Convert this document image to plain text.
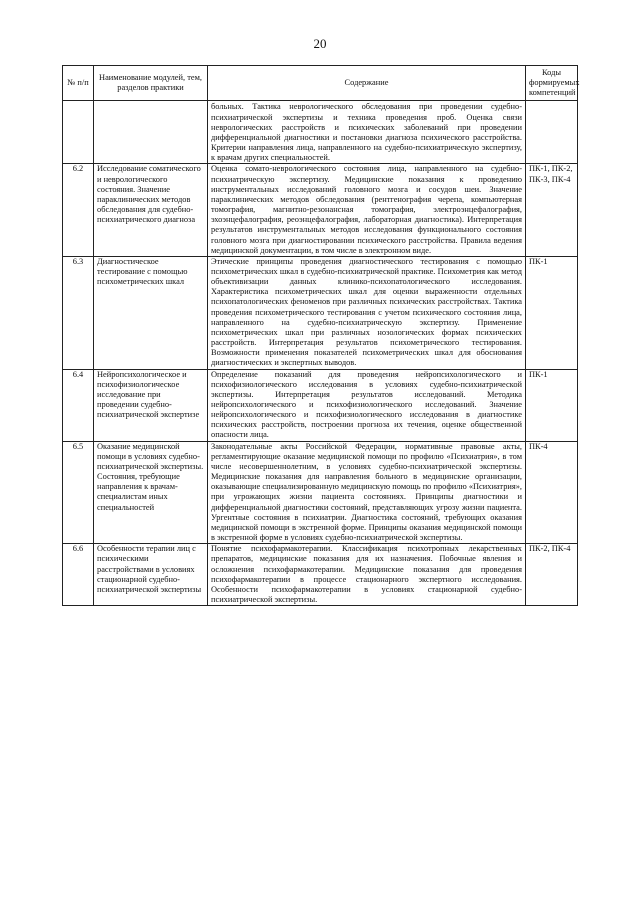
20
№ п/п	Наименование модулей, тем, разделов практики	Содержание	Коды формируемых компетенций
		больных. Тактика неврологического обследования при проведении судебно-психиатрической экспертизы и техника проведения проб. Оценка связи неврологических расстройств и психических заболеваний при проведении дифференциальной диагностики и постановки диагноза психического расстройства. Критерии направления лица, направленного на судебно-психиатрическую экспертизу, к врачам других специальностей.	
6.2	Исследование соматического и неврологического состояния. Значение параклинических методов обследования для судебно-психиатрического диагноза	Оценка сомато-неврологического состояния лица, направленного на судебно-психиатрическую экспертизу. Медицинские показания к проведению инструментальных исследований головного мозга и сосудов шеи. Значение параклинических методов обследования (рентгенография черепа, компьютерная томография, магнитно-резонансная томография, электроэнцефалография, эхоэнцефалография, реоэнцефалография, лабораторная диагностика). Интерпретация результатов инструментальных методов исследования функционального состояния головного мозга при диагностировании психического расстройства. Правила ведения медицинской документации, в том числе в электронном виде.	ПК-1, ПК-2, ПК-3, ПК-4
6.3	Диагностическое тестирование с помощью психометрических шкал	Этические принципы проведения диагностического тестирования с помощью психометрических шкал в судебно-психиатрической практике. Психометрия как метод объективизации данных клинико-психопатологического исследования. Характеристика психометрических шкал для оценки выраженности отдельных психопатологических феноменов при различных психических расстройствах. Тактика проведения психометрического тестирования с учетом психического состояния лица, направленного на судебно-психиатрическую экспертизу. Применение психометрических шкал при различных нозологических формах психических расстройств. Интерпретация результатов психометрического тестирования. Возможности применения показателей психометрических шкал для обоснования диагностических и экспертных выводов.	ПК-1
6.4	Нейропсихологическое и психофизиологическое исследование при проведении судебно-психиатрической экспертизе	Определение показаний для проведения нейропсихологического и психофизиологического исследования в условиях судебно-психиатрической экспертизы. Интерпретация результатов исследований. Методика нейропсихологического и психофизиологического исследований. Значение нейропсихологического и психофизиологического исследования в диагностике психических расстройств, построении прогноза их течения, оценке общественной опасности лица.	ПК-1
6.5	Оказание медицинской помощи в условиях судебно-психиатрической экспертизы. Состояния, требующие направления к врачам-специалистам иных специальностей	Законодательные акты Российской Федерации, нормативные правовые акты, регламентирующие оказание медицинской помощи по профилю «Психиатрия», в том числе несовершеннолетним, в условиях судебно-психиатрической экспертизы. Медицинские показания для направления больного в медицинские организации, оказывающие специализированную медицинскую помощь по профилю «Психиатрия», при угрожающих жизни пациента состояниях. Принципы диагностики и дифференциальной диагностики состояний, представляющих угрозу жизни пациента. Ургентные состояния в психиатрии. Диагностика состояний, требующих оказания медицинской помощи в экстренной форме. Принципы оказания медицинской помощи в экстренной форме в условиях судебно-психиатрической экспертизы.	ПК-4
6.6	Особенности терапии лиц с психическими расстройствами в условиях стационарной судебно-психиатрической экспертизы	Понятие психофармакотерапии. Классификация психотропных лекарственных препаратов, медицинские показания для их назначения. Побочные явления и осложнения психофармакотерапии. Медицинские показания для проведения психофармакотерапии в процессе стационарного экспертного исследования. Особенности психофармакотерапии в условиях стационарной судебно-психиатрической экспертизы.	ПК-2, ПК-4
